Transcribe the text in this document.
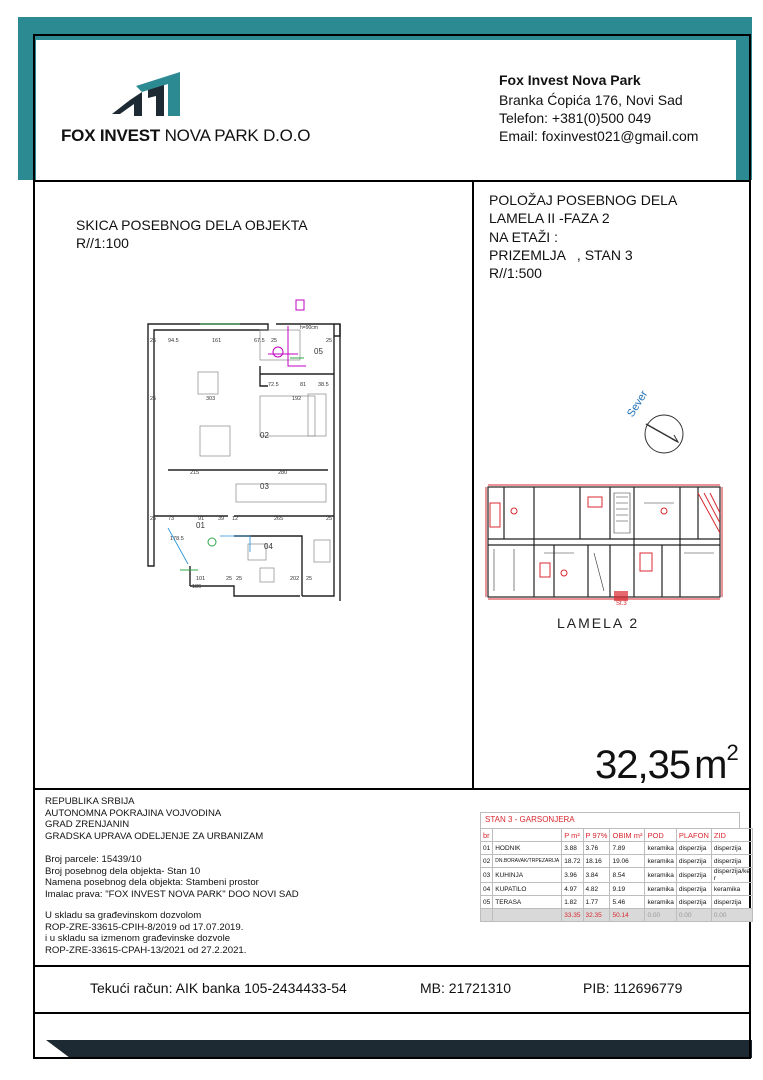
FOX INVEST NOVA PARK D.O.O
Fox Invest Nova Park
Branka Ćopića 176, Novi Sad
Telefon: +381(0)500 049
Email: foxinvest021@gmail.com
SKICA POSEBNOG DELA OBJEKTA
R//1:100
25 94.5	161	67.5 25	25
72.5	81 38.5
25	303	192
215	280
25 73	91	39 12	265	25
178.5
101
186
25	202
25	25
01
02
03
04
05
h=90cm
POLOŽAJ POSEBNOG DELA
LAMELA II -FAZA 2
NA ETAŽI :
PRIZEMLJA   , STAN 3
R//1:500
Sever
St.3
LAMELA 2
32,35 $m^2$
REPUBLIKA SRBIJA
AUTONOMNA POKRAJINA VOJVODINA
GRAD ZRENJANIN
GRADSKA UPRAVA ODELJENJE ZA URBANIZAM
Broj parcele: 15439/10
Broj posebnog dela objekta- Stan 10
Namena posebnog dela objekta: Stambeni prostor
Imalac prava: "FOX INVEST NOVA PARK" DOO NOVI SAD
U skladu sa građevinskom dozvolom
ROP-ZRE-33615-CPIH-8/2019 od 17.07.2019.
i u skladu sa izmenom građevinske dozvole
ROP-ZRE-33615-CPAH-13/2021 od 27.2.2021.
STAN 3 - GARSONJERA
br		P m²	P 97%	OBIM m²	POD	PLAFON	ZID
01	HODNIK	3.88	3.76	7.89	keramika	disperzija	disperzija
02	DN.BORAVAK/TRPEZARIJA	18.72	18.16	19.06	keramika	disperzija	disperzija
03	KUHINJA	3.96	3.84	8.54	keramika	disperzija	disperzija/ke r
04	KUPATILO	4.97	4.82	9.19	keramika	disperzija	keramika
05	TERASA	1.82	1.77	5.46	keramika	disperzija	disperzija
		33.35	32.35	50.14	0.00	0.00	0.00
Tekući račun: AIK banka 105-2434433-54	MB: 21721310	PIB: 112696779
